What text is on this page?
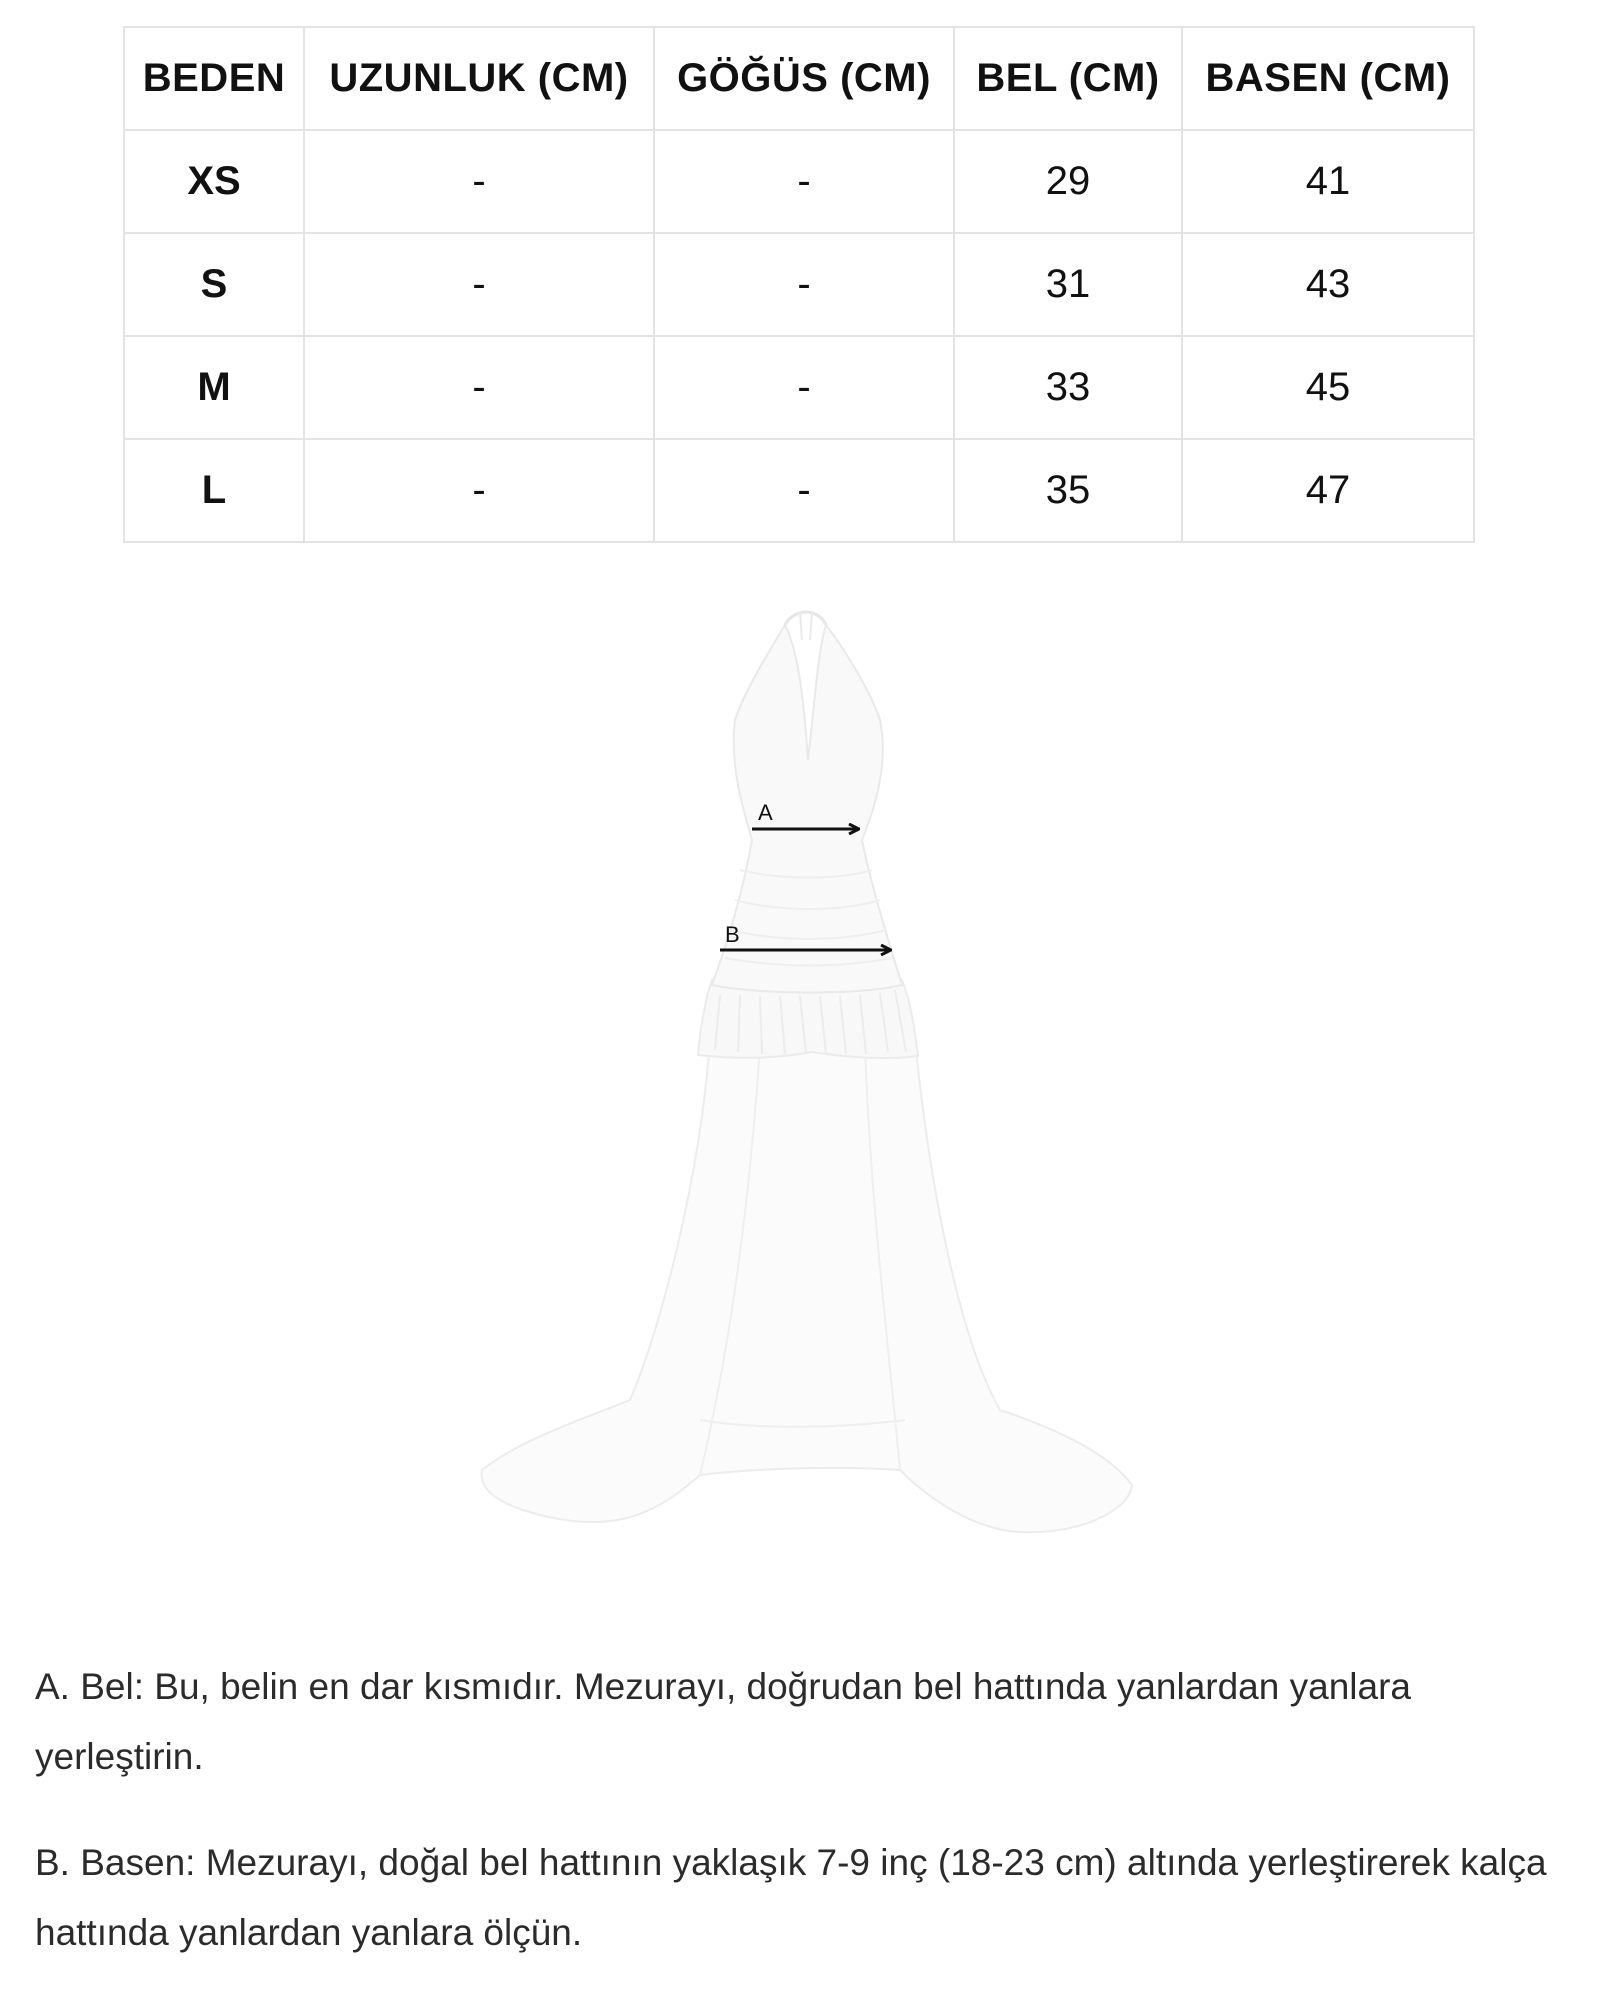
BEDEN	UZUNLUK (CM)	GÖĞÜS (CM)	BEL (CM)	BASEN (CM)
XS	-	-	29	41
S	-	-	31	43
M	-	-	33	45
L	-	-	35	47
A
B

A. Bel: Bu, belin en dar kısmıdır. Mezurayı, doğrudan bel hattında yanlardan yanlara yerleştirin.

B. Basen: Mezurayı, doğal bel hattının yaklaşık 7-9 inç (18-23 cm) altında yerleştirerek kalça hattında yanlardan yanlara ölçün.
